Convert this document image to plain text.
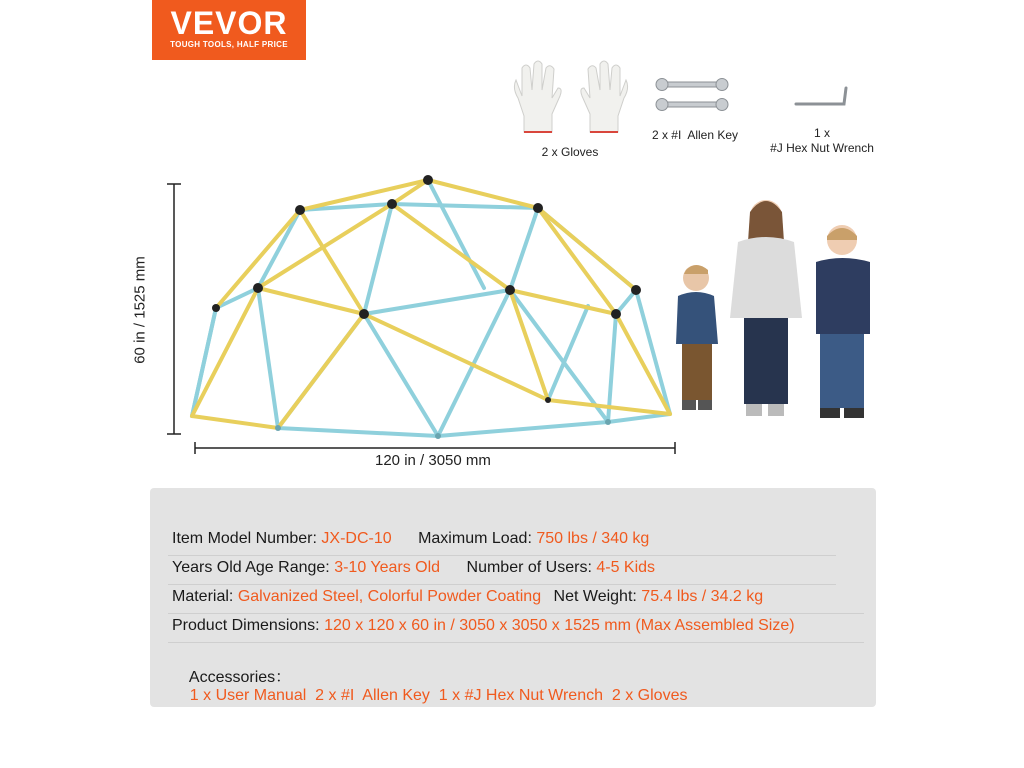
VEVOR
TOUGH TOOLS, HALF PRICE
2 x Gloves
2 x #I  Allen Key	1 x
#J Hex Nut Wrench
60 in / 1525 mm
120 in / 3050 mm
Item Model Number: JX-DC-10 Maximum Load: 750 lbs / 340 kg
Years Old Age Range: 3-10 Years Old Number of Users: 4-5 Kids
Material: Galvanized Steel, Colorful Powder Coating Net Weight: 75.4 lbs / 34.2 kg
Product Dimensions: 120 x 120 x 60 in / 3050 x 3050 x 1525 mm (Max Assembled Size)

Accessories：
1 x User Manual  2 x #I  Allen Key  1 x #J Hex Nut Wrench  2 x Gloves
